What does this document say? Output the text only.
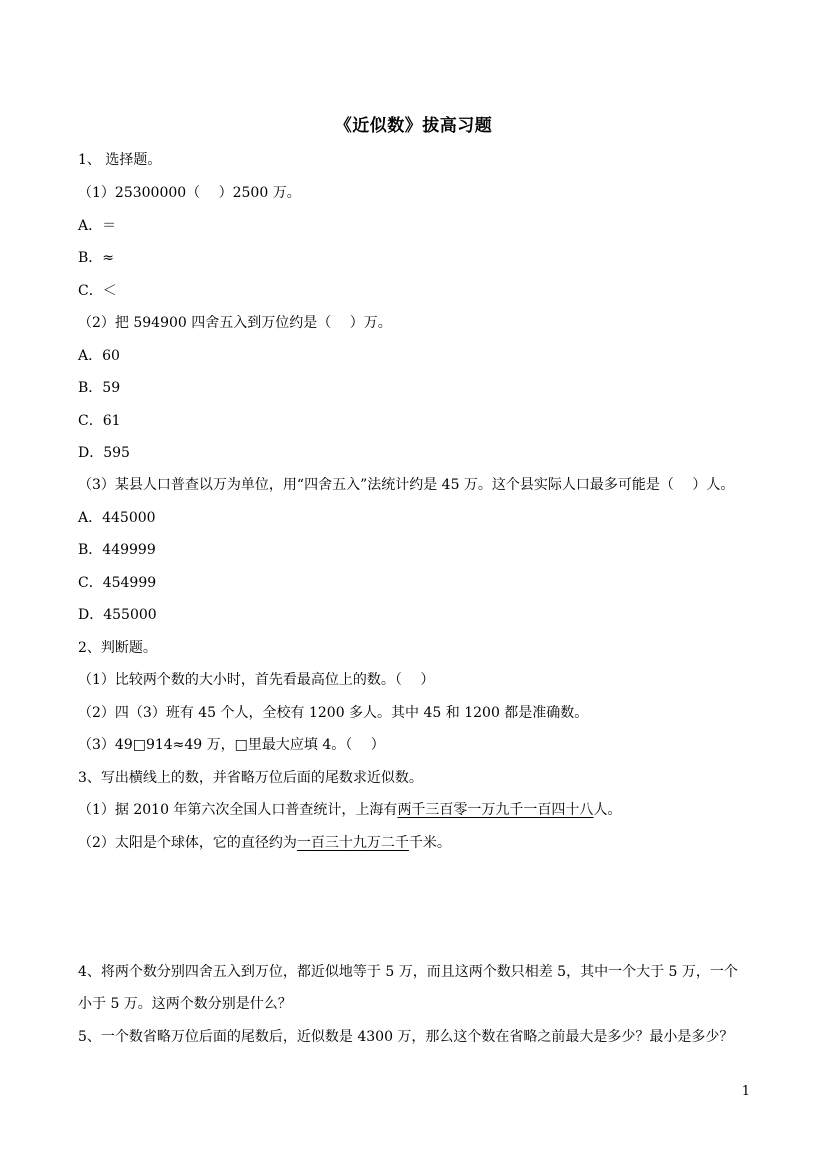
《近似数》拔高习题
1、 选择题。
（1）25300000（　 ）2500 万。
A．＝
B．≈
C．＜
（2）把 594900 四舍五入到万位约是（　 ）万。
A．60
B．59
C．61
D．595
（3）某县人口普查以万为单位，用“四舍五入”法统计约是 45 万。这个县实际人口最多可能是（　 ）人。
A．445000
B．449999
C．454999
D．455000
2、判断题。
（1）比较两个数的大小时，首先看最高位上的数。（　 ）
（2）四（3）班有 45 个人，全校有 1200 多人。其中 45 和 1200 都是准确数。
（3）49□914≈49 万，□里最大应填 4。（　 ）
3、写出横线上的数，并省略万位后面的尾数求近似数。
（1）据 2010 年第六次全国人口普查统计，上海有两千三百零一万九千一百四十八人。
（2）太阳是个球体，它的直径约为一百三十九万二千千米。
4、将两个数分别四舍五入到万位，都近似地等于 5 万，而且这两个数只相差 5，其中一个大于 5 万，一个
小于 5 万。这两个数分别是什么？
5、一个数省略万位后面的尾数后，近似数是 4300 万，那么这个数在省略之前最大是多少？最小是多少？
1
